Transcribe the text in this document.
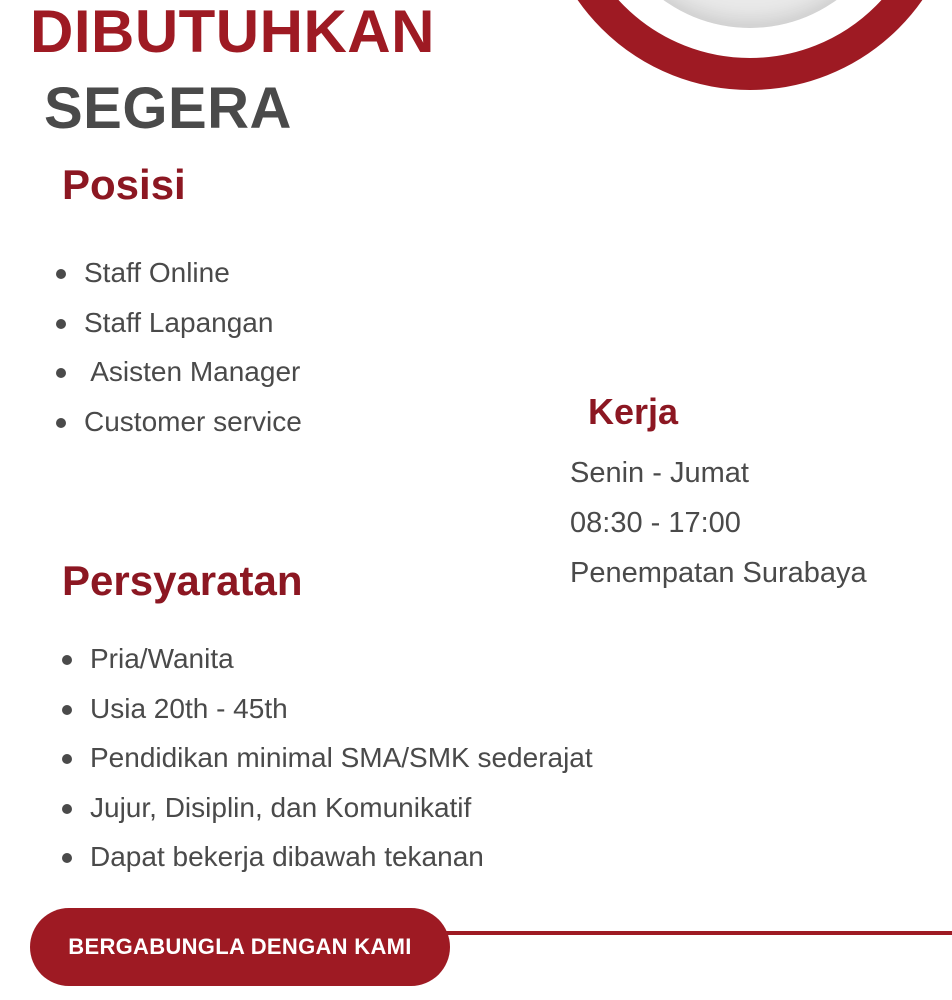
DIBUTUHKAN
SEGERA
Posisi
Staff Online
Staff Lapangan
Asisten Manager
Customer service	Kerja
Senin - Jumat
08:30 - 17:00
Penempatan Surabaya
Persyaratan
Pria/Wanita
Usia 20th - 45th
Pendidikan minimal SMA/SMK sederajat
Jujur, Disiplin, dan Komunikatif
Dapat bekerja dibawah tekanan
BERGABUNGLA DENGAN KAMI
